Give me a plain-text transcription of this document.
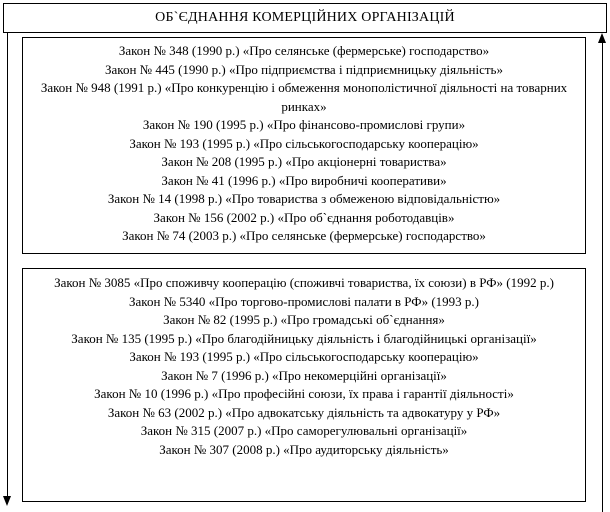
ОБ`ЄДНАННЯ КОМЕРЦІЙНИХ ОРГАНІЗАЦІЙ
Закон № 348 (1990 р.) «Про селянське (фермерське) господарство»
Закон № 445 (1990 р.) «Про підприємства і підприємницьку діяльність»
Закон № 948 (1991 р.) «Про конкуренцію і обмеження монополістичної діяльності на товарних ринках»
Закон № 190 (1995 р.) «Про фінансово-промислові групи»
Закон № 193 (1995 р.) «Про сільськогосподарську кооперацію»
Закон № 208 (1995 р.) «Про акціонерні товариства»
Закон № 41 (1996 р.) «Про виробничі кооперативи»
Закон № 14 (1998 р.) «Про товариства з обмеженою відповідальністю»
Закон № 156 (2002 р.) «Про об`єднання роботодавців»
Закон № 74 (2003 р.) «Про селянське (фермерське) господарство»
Закон № 3085 «Про споживчу кооперацію (споживчі товариства, їх союзи) в РФ» (1992 р.)
Закон № 5340 «Про торгово-промислові палати в РФ» (1993 р.)
Закон № 82 (1995 р.) «Про громадські об`єднання»
Закон № 135 (1995 р.) «Про благодійницьку діяльність і благодійницькі організації»
Закон № 193 (1995 р.) «Про сільськогосподарську кооперацію»
Закон № 7 (1996 р.) «Про некомерційні організації»
Закон № 10 (1996 р.) «Про професійні союзи, їх права і гарантії діяльності»
Закон № 63 (2002 р.) «Про адвокатську діяльність та адвокатуру у РФ»
Закон № 315 (2007 р.) «Про саморегулювальні організації»
Закон № 307 (2008 р.) «Про аудиторську діяльність»
